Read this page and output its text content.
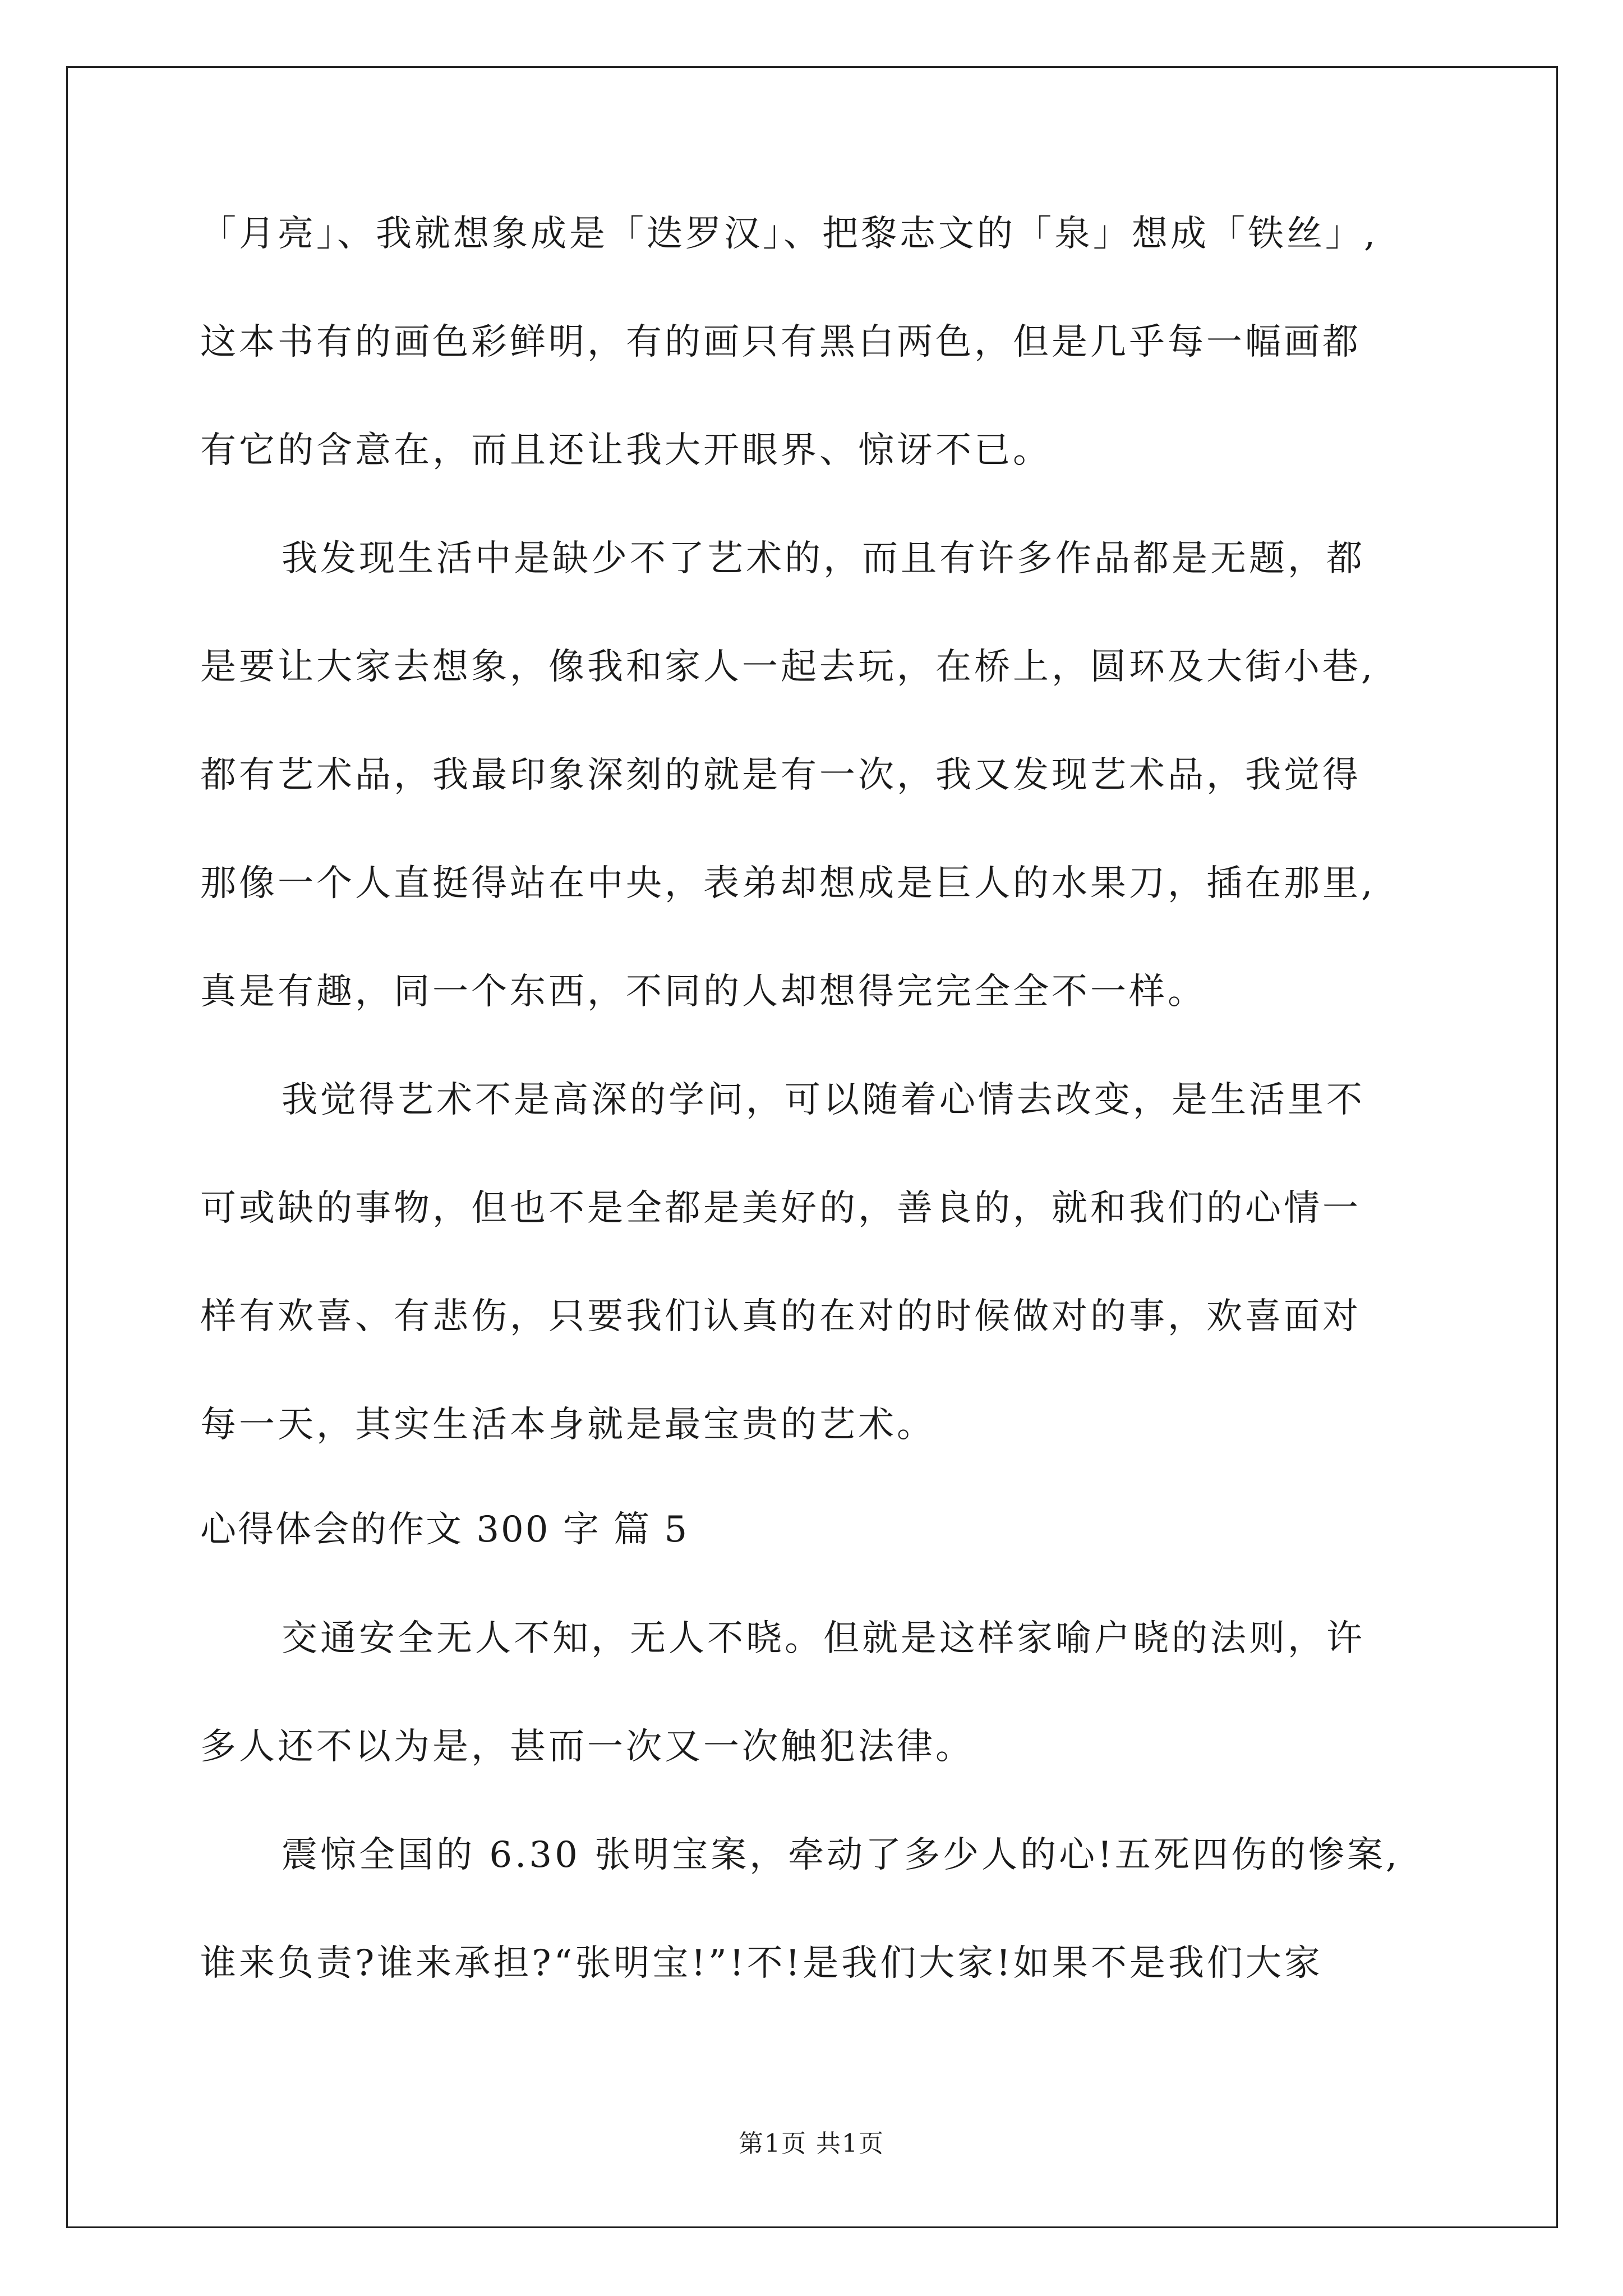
「月亮」、我就想象成是「迭罗汉」、把黎志文的「泉」想成「铁丝」,
这本书有的画色彩鲜明，有的画只有黑白两色，但是几乎每一幅画都
有它的含意在，而且还让我大开眼界、惊讶不已。
我发现生活中是缺少不了艺术的，而且有许多作品都是无题，都
是要让大家去想象，像我和家人一起去玩，在桥上，圆环及大街小巷,
都有艺术品，我最印象深刻的就是有一次，我又发现艺术品，我觉得
那像一个人直挺得站在中央，表弟却想成是巨人的水果刀，插在那里,
真是有趣，同一个东西，不同的人却想得完完全全不一样。
我觉得艺术不是高深的学问，可以随着心情去改变，是生活里不
可或缺的事物，但也不是全都是美好的，善良的，就和我们的心情一
样有欢喜、有悲伤，只要我们认真的在对的时候做对的事，欢喜面对
每一天，其实生活本身就是最宝贵的艺术。
心得体会的作文 300 字 篇 5
交通安全无人不知，无人不晓。但就是这样家喻户晓的法则，许
多人还不以为是，甚而一次又一次触犯法律。
震惊全国的 6.30 张明宝案，牵动了多少人的心!五死四伤的惨案,
谁来负责?谁来承担?“张明宝!”!不!是我们大家!如果不是我们大家
第1页 共1页
